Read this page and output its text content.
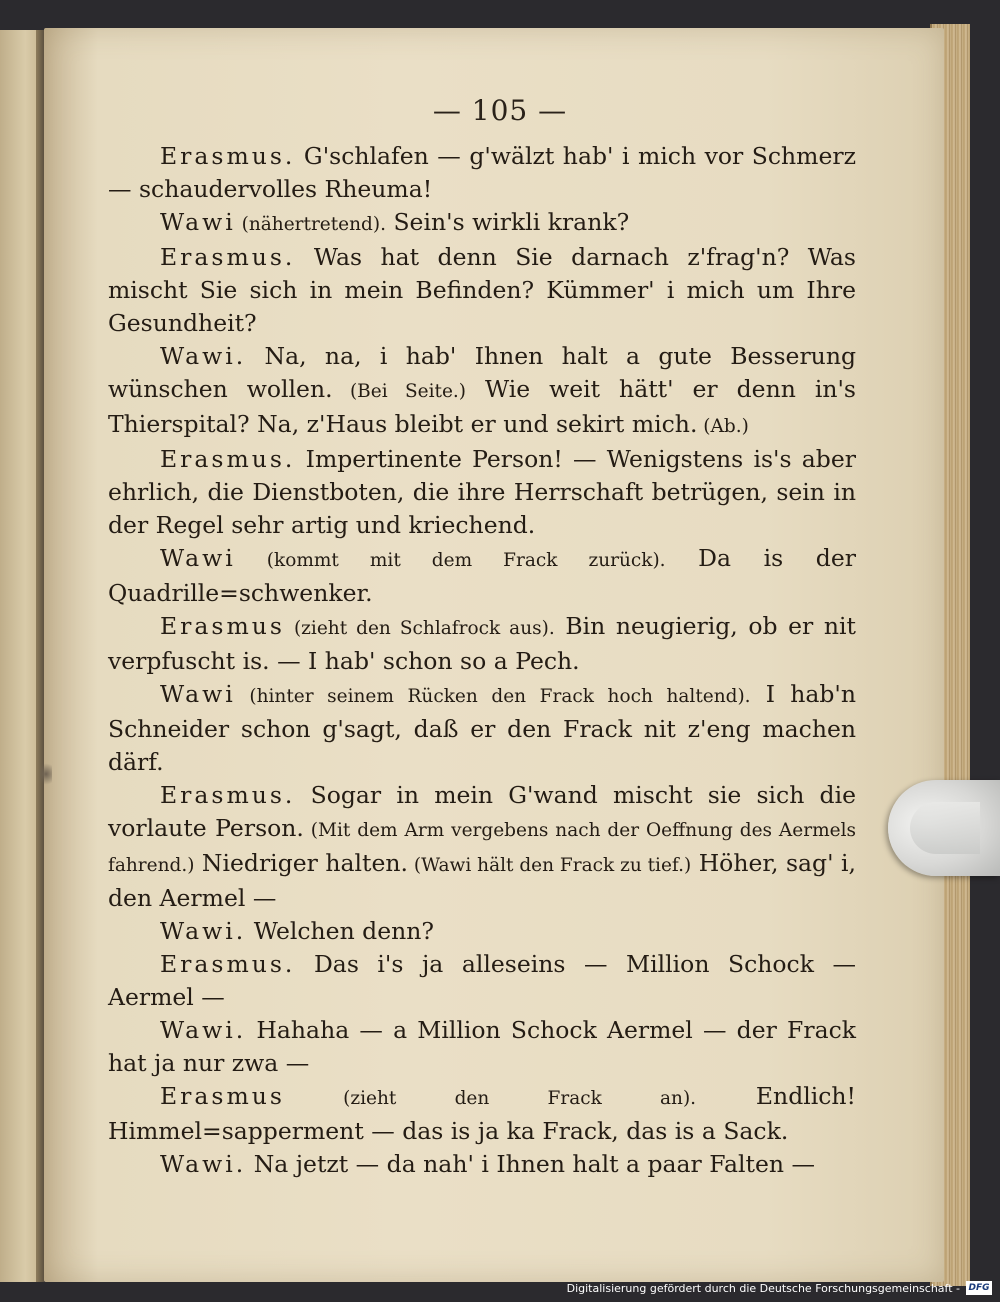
— 105 —

Erasmus. G'schlafen — g'wälzt hab' i mich vor Schmerz — schaudervolles Rheuma!

Wawi (nähertretend). Sein's wirkli krank?

Erasmus. Was hat denn Sie darnach z'frag'n? Was mischt Sie sich in mein Befinden? Kümmer' i mich um Ihre Gesundheit?

Wawi. Na, na, i hab' Ihnen halt a gute Besserung wünschen wollen. (Bei Seite.) Wie weit hätt' er denn in's Thierspital? Na, z'Haus bleibt er und sekirt mich. (Ab.)

Erasmus. Impertinente Person! — Wenigstens is's aber ehrlich, die Dienstboten, die ihre Herrschaft betrügen, sein in der Regel sehr artig und kriechend.

Wawi (kommt mit dem Frack zurück). Da is der Quadrille=schwenker.

Erasmus (zieht den Schlafrock aus). Bin neugierig, ob er nit verpfuscht is. — I hab' schon so a Pech.

Wawi (hinter seinem Rücken den Frack hoch haltend). I hab'n Schneider schon g'sagt, daß er den Frack nit z'eng machen därf.

Erasmus. Sogar in mein G'wand mischt sie sich die vorlaute Person. (Mit dem Arm vergebens nach der Oeffnung des Aermels fahrend.) Niedriger halten. (Wawi hält den Frack zu tief.) Höher, sag' i, den Aermel —

Wawi. Welchen denn?

Erasmus. Das i's ja alleseins — Million Schock — Aermel —

Wawi. Hahaha — a Million Schock Aermel — der Frack hat ja nur zwa —

Erasmus (zieht den Frack an). Endlich! Himmel=sapperment — das is ja ka Frack, das is a Sack.

Wawi. Na jetzt — da nah' i Ihnen halt a paar Falten —

Digitalisierung gefördert durch die Deutsche Forschungsgemeinschaft - DFG
